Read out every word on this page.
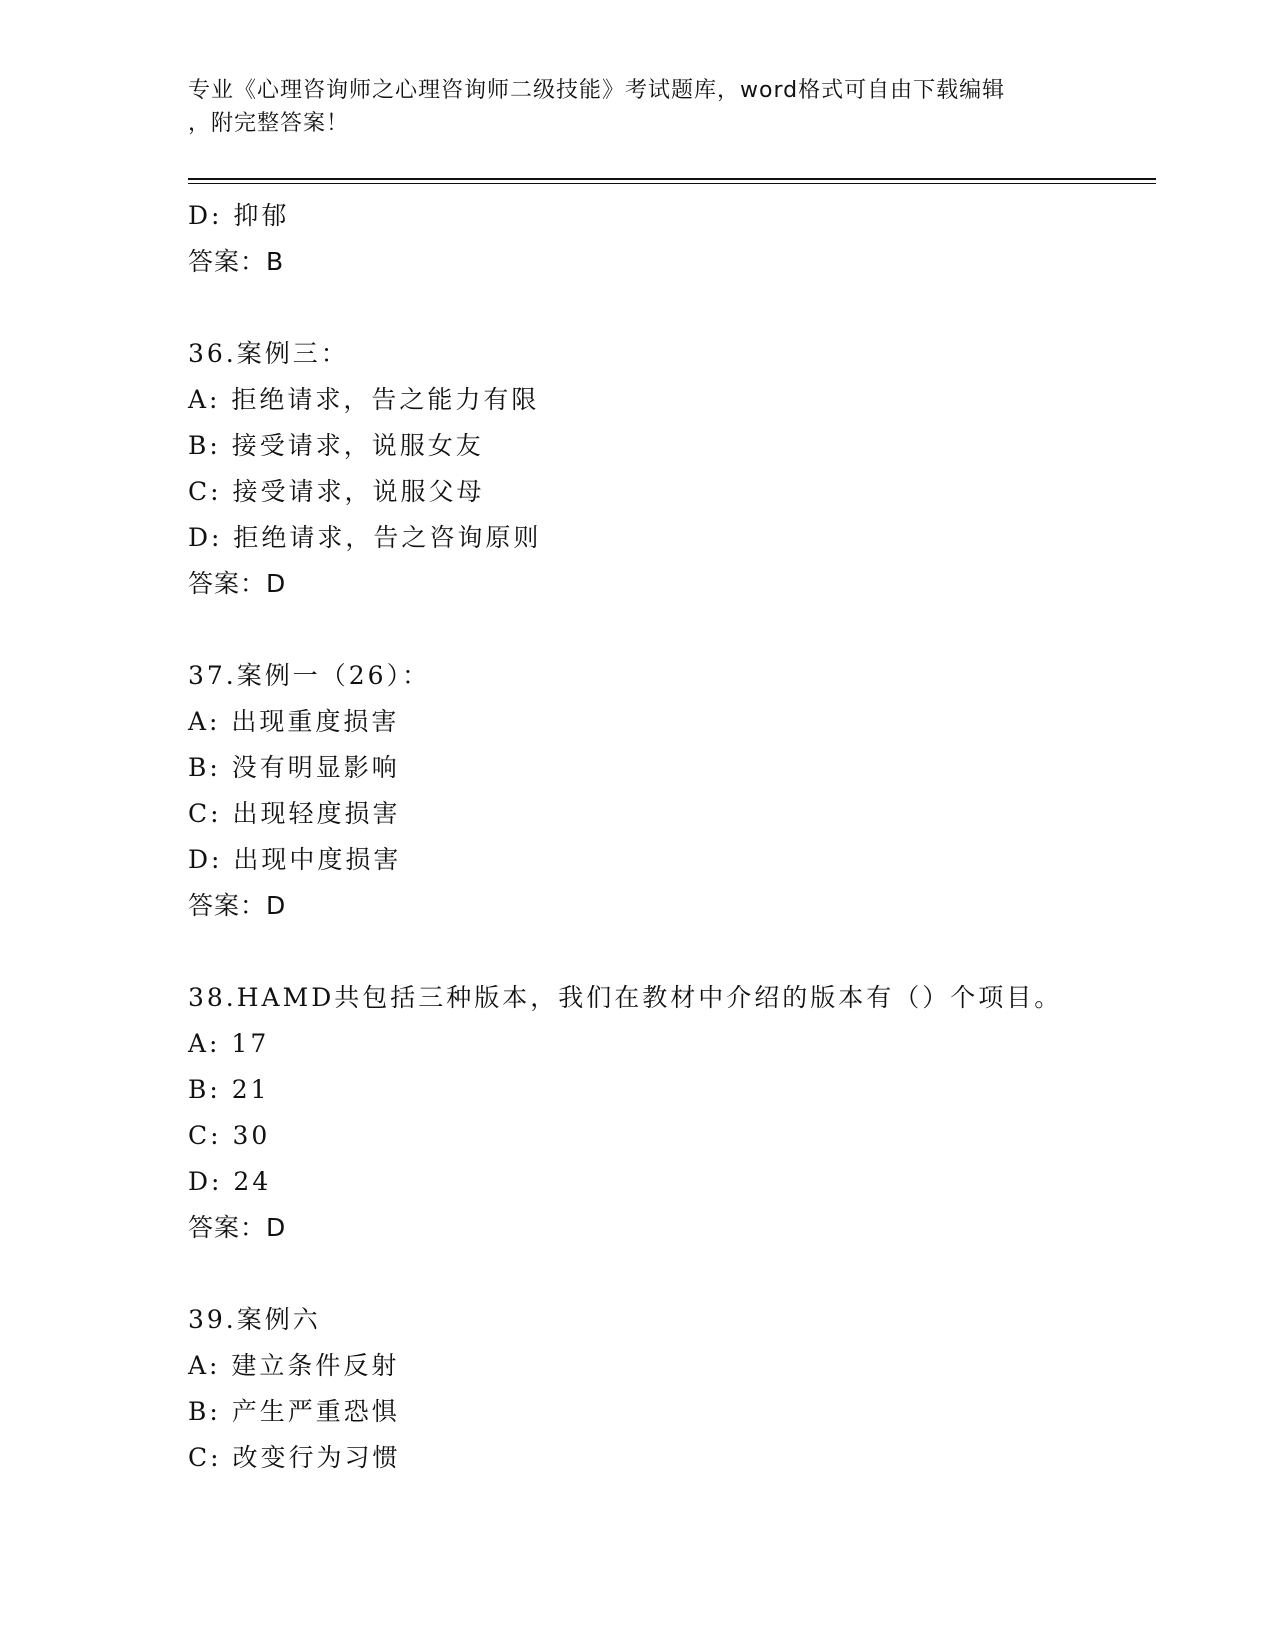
专业《心理咨询师之心理咨询师二级技能》考试题库，word格式可自由下载编辑
，附完整答案！
D: 抑郁
答案：B
36.案例三：
A: 拒绝请求，告之能力有限
B: 接受请求，说服女友
C: 接受请求，说服父母
D: 拒绝请求，告之咨询原则
答案：D
37.案例一（26）：
A: 出现重度损害
B: 没有明显影响
C: 出现轻度损害
D: 出现中度损害
答案：D
38.HAMD共包括三种版本，我们在教材中介绍的版本有（）个项目。
A: 17
B: 21
C: 30
D: 24
答案：D
39.案例六
A: 建立条件反射
B: 产生严重恐惧
C: 改变行为习惯
